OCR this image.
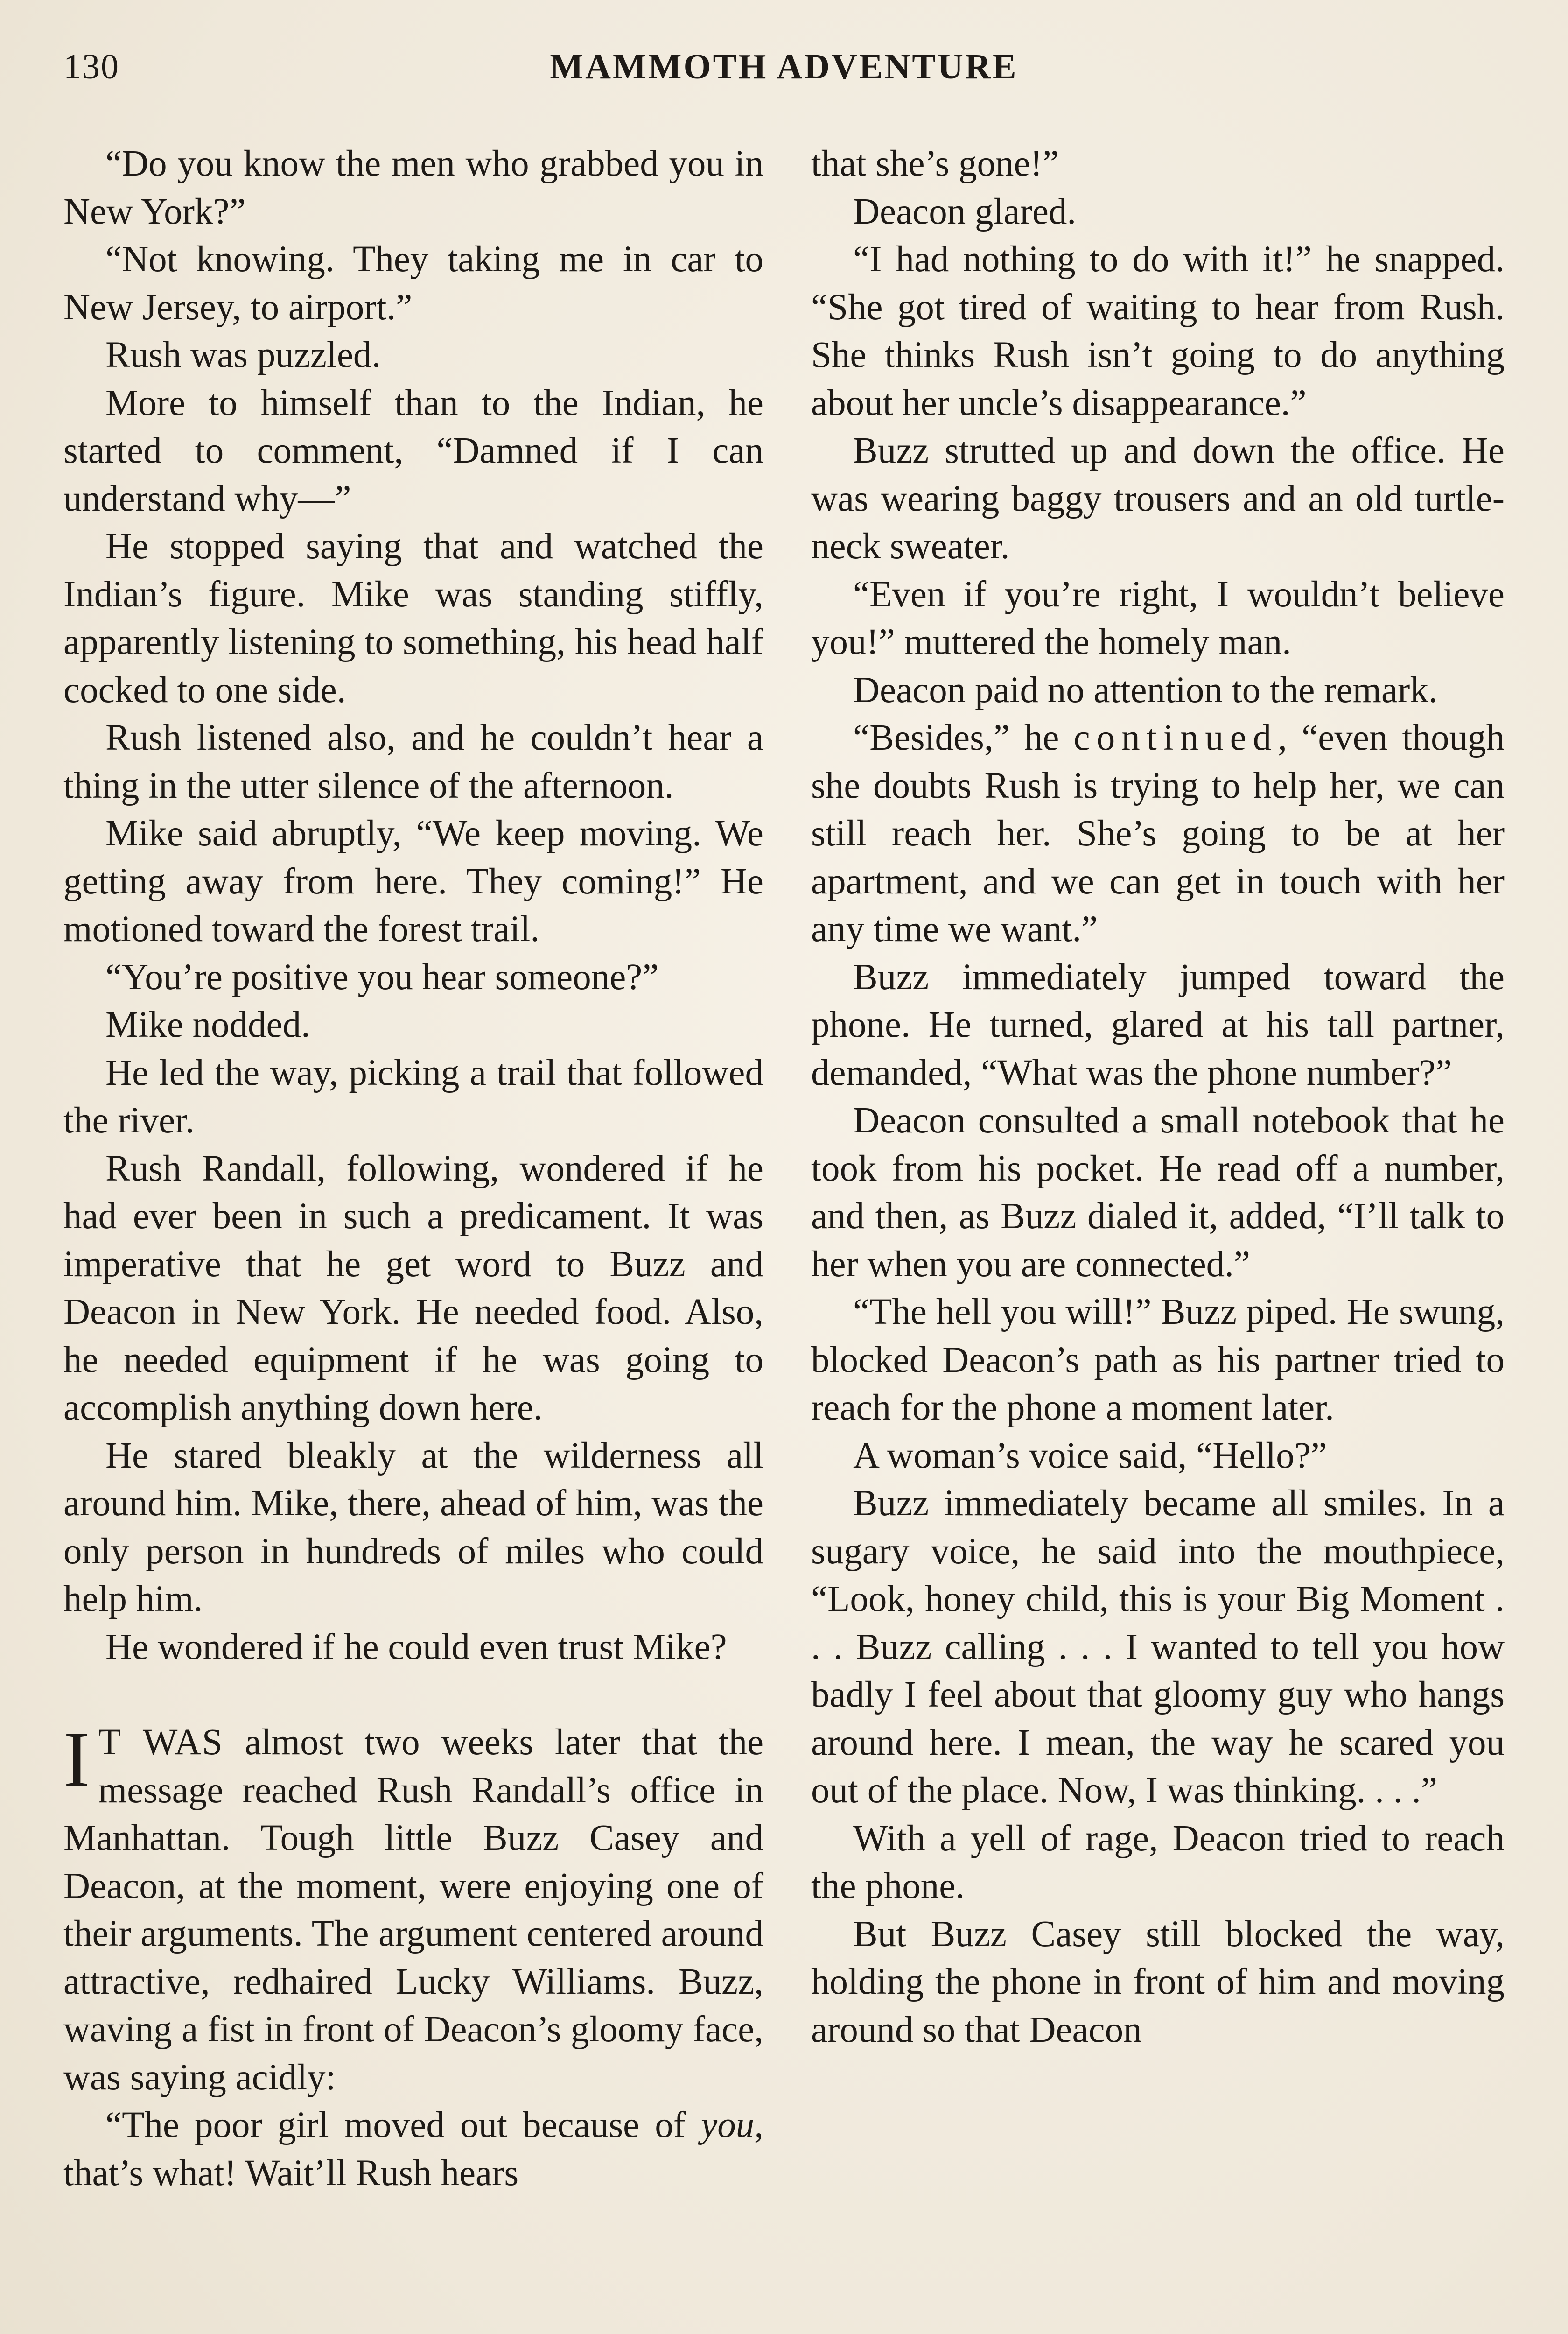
130	MAMMOTH ADVENTURE

“Do you know the men who grabbed you in New York?”

“Not knowing. They taking me in car to New Jersey, to airport.”

Rush was puzzled.

More to himself than to the Indian, he started to comment, “Damned if I can understand why—”

He stopped saying that and watched the Indian’s figure. Mike was standing stiffly, apparently listening to something, his head half cocked to one side.

Rush listened also, and he couldn’t hear a thing in the utter silence of the afternoon.

Mike said abruptly, “We keep moving. We getting away from here. They coming!” He motioned toward the forest trail.

“You’re positive you hear someone?”

Mike nodded.

He led the way, picking a trail that followed the river.

Rush Randall, following, wondered if he had ever been in such a predicament. It was imperative that he get word to Buzz and Deacon in New York. He needed food. Also, he needed equipment if he was going to accomplish anything down here.

He stared bleakly at the wilderness all around him. Mike, there, ahead of him, was the only person in hundreds of miles who could help him.

He wondered if he could even trust Mike?

I T WAS almost two weeks later that the message reached Rush Randall’s office in Manhattan. Tough little Buzz Casey and Deacon, at the moment, were enjoying one of their arguments. The argument centered around attractive, redhaired Lucky Williams. Buzz, waving a fist in front of Deacon’s gloomy face, was saying acidly:

“The poor girl moved out because of you, that’s what! Wait’ll Rush hears

that she’s gone!”

Deacon glared.

“I had nothing to do with it!” he snapped. “She got tired of waiting to hear from Rush. She thinks Rush isn’t going to do anything about her uncle’s disappearance.”

Buzz strutted up and down the office. He was wearing baggy trousers and an old turtle-neck sweater.

“Even if you’re right, I wouldn’t believe you!” muttered the homely man.

Deacon paid no attention to the remark.

“Besides,” he continued, “even though she doubts Rush is trying to help her, we can still reach her. She’s going to be at her apartment, and we can get in touch with her any time we want.”

Buzz immediately jumped toward the phone. He turned, glared at his tall partner, demanded, “What was the phone number?”

Deacon consulted a small notebook that he took from his pocket. He read off a number, and then, as Buzz dialed it, added, “I’ll talk to her when you are connected.”

“The hell you will!” Buzz piped. He swung, blocked Deacon’s path as his partner tried to reach for the phone a moment later.

A woman’s voice said, “Hello?”

Buzz immediately became all smiles. In a sugary voice, he said into the mouthpiece, “Look, honey child, this is your Big Moment . . . Buzz calling . . . I wanted to tell you how badly I feel about that gloomy guy who hangs around here. I mean, the way he scared you out of the place. Now, I was thinking. . . .”

With a yell of rage, Deacon tried to reach the phone.

But Buzz Casey still blocked the way, holding the phone in front of him and moving around so that Deacon
